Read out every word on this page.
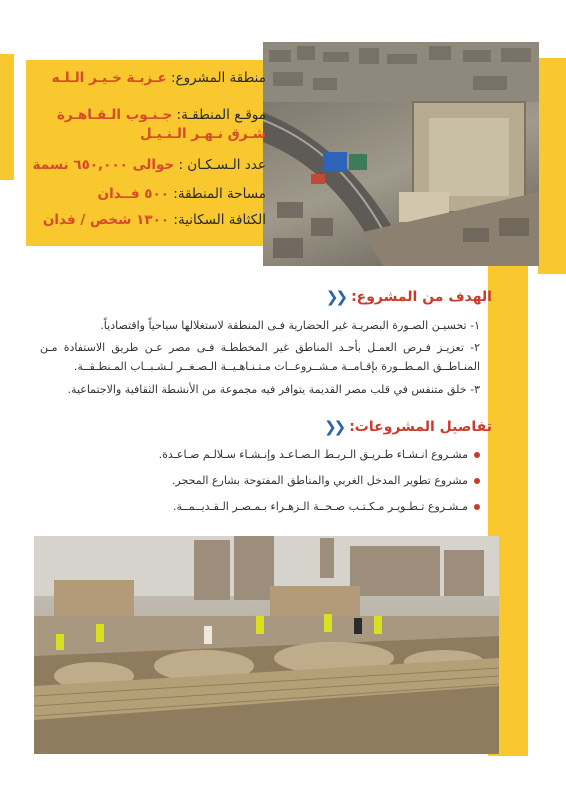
منطقة المشروع: عـزبـة خـيـر الـلـه
موقـع المنطقـة: جـنـوب الـقـاهـرة
شـرق نـهـر الـنـيـل
عدد الـسـكـان : حوالى ٦٥٠,٠٠٠ نسمة
مساحة المنطقة: ٥٠٠ فــدان
الكثافة السكانية: ١٣٠٠ شخص / فدان
الهدف من المشروع:
❮❮
١- تحسيـن الصـورة البصريـة غير الحضارية فـى المنطقة لاستغلالها سياحياً واقتصادياً.
٢- تعزيـز فـرص العمـل بأحـد المناطق غير المخططـة فـى مصر عـن طريق الاستفادة مـن المنـاطــق المـطــورة بإقـامــة مـشــروعــات مـتـنـاهـيــة الـصـغــر لـشـبــاب المـنطـقــة.
٣- خلق متنفس في قلب مصر القديمة يتوافر فيه مجموعة من الأنشطة الثقافية والاجتماعية.
تفاصيل المشروعات:
❮❮
مشـروع انـشـاء طـريـق الـربـط الـصـاعـد وإنـشـاء سـلالـم صـاعـدة.
مشروع تطوير المدخل الغربي والمناطق المفتوحة بشارع المحجر.
مـشـروع تـطـويـر مـكـتـب صـحــة الـزهـراء بـمـصـر الـقـديــمــة.
